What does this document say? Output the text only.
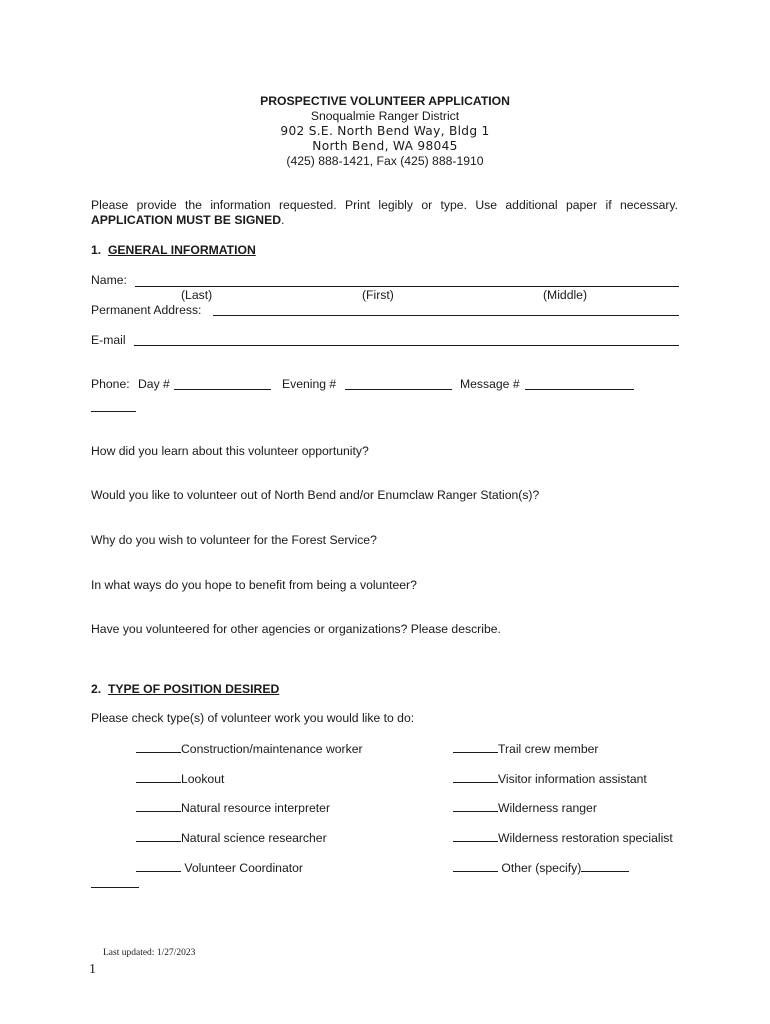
PROSPECTIVE VOLUNTEER APPLICATION
Snoqualmie Ranger District
902 S.E. North Bend Way, Bldg 1
North Bend, WA 98045
(425) 888-1421, Fax (425) 888-1910
Please provide the information requested. Print legibly or type. Use additional paper if necessary.
APPLICATION MUST BE SIGNED.
1. GENERAL INFORMATION
Name:
(Last)	(First)	(Middle)
Permanent Address:
E-mail
Phone: Day #	Evening #	Message #
How did you learn about this volunteer opportunity?
Would you like to volunteer out of North Bend and/or Enumclaw Ranger Station(s)?
Why do you wish to volunteer for the Forest Service?
In what ways do you hope to benefit from being a volunteer?
Have you volunteered for other agencies or organizations? Please describe.
2. TYPE OF POSITION DESIRED
Please check type(s) of volunteer work you would like to do:
Construction/maintenance worker
Lookout
Natural resource interpreter
Natural science researcher
Volunteer Coordinator
Trail crew member
Visitor information assistant
Wilderness ranger
Wilderness restoration specialist
Other (specify)
Last updated: 1/27/2023
1
